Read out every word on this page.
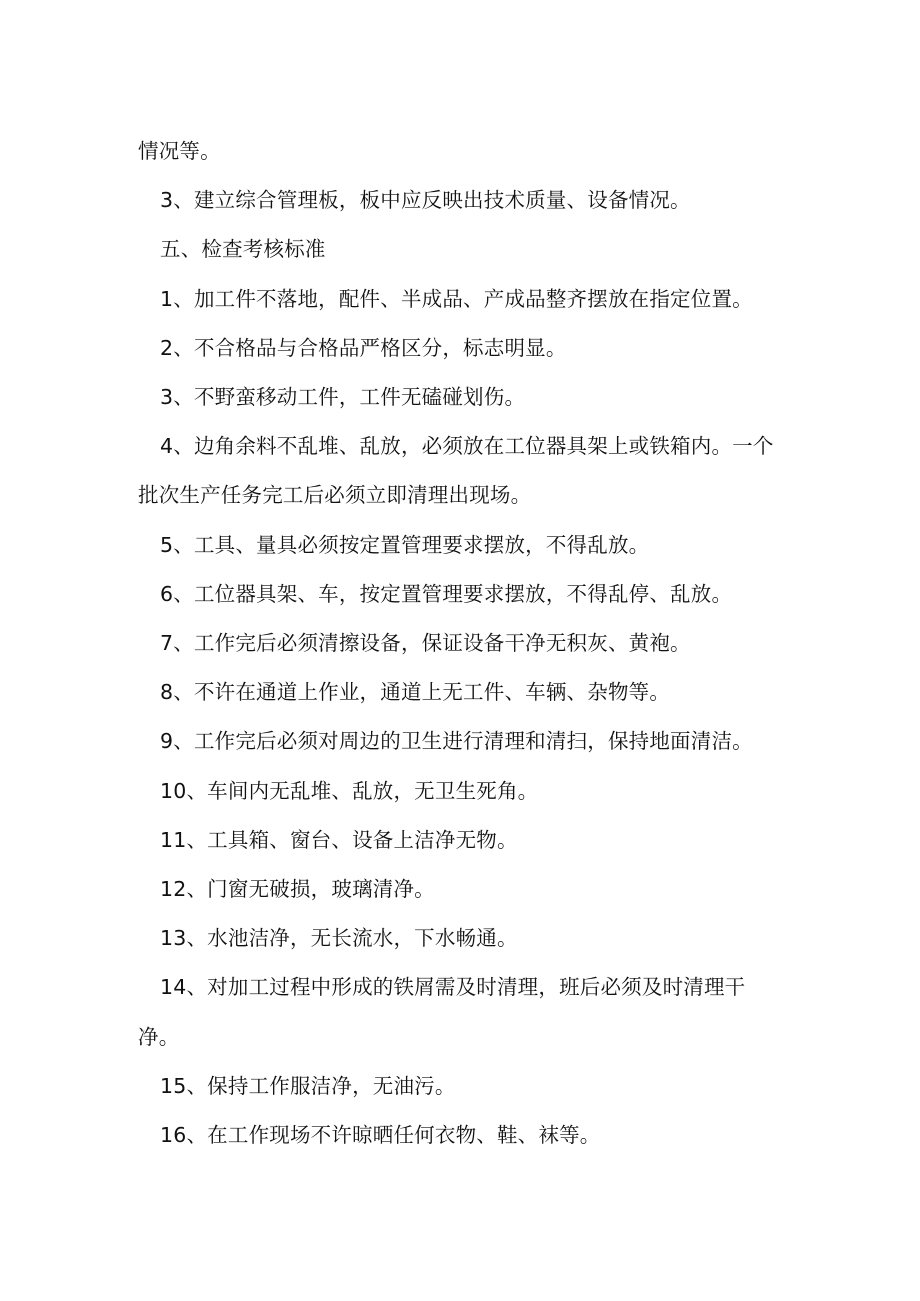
情况等。

3、建立综合管理板，板中应反映出技术质量、设备情况。

五、检查考核标准

1、加工件不落地，配件、半成品、产成品整齐摆放在指定位置。

2、不合格品与合格品严格区分，标志明显。

3、不野蛮移动工件，工件无磕碰划伤。

4、边角余料不乱堆、乱放，必须放在工位器具架上或铁箱内。一个批次生产任务完工后必须立即清理出现场。

5、工具、量具必须按定置管理要求摆放，不得乱放。

6、工位器具架、车，按定置管理要求摆放，不得乱停、乱放。

7、工作完后必须清擦设备，保证设备干净无积灰、黄袍。

8、不许在通道上作业，通道上无工件、车辆、杂物等。

9、工作完后必须对周边的卫生进行清理和清扫，保持地面清洁。

10、车间内无乱堆、乱放，无卫生死角。

11、工具箱、窗台、设备上洁净无物。

12、门窗无破损，玻璃清净。

13、水池洁净，无长流水，下水畅通。

14、对加工过程中形成的铁屑需及时清理，班后必须及时清理干净。

15、保持工作服洁净，无油污。

16、在工作现场不许晾晒任何衣物、鞋、袜等。
